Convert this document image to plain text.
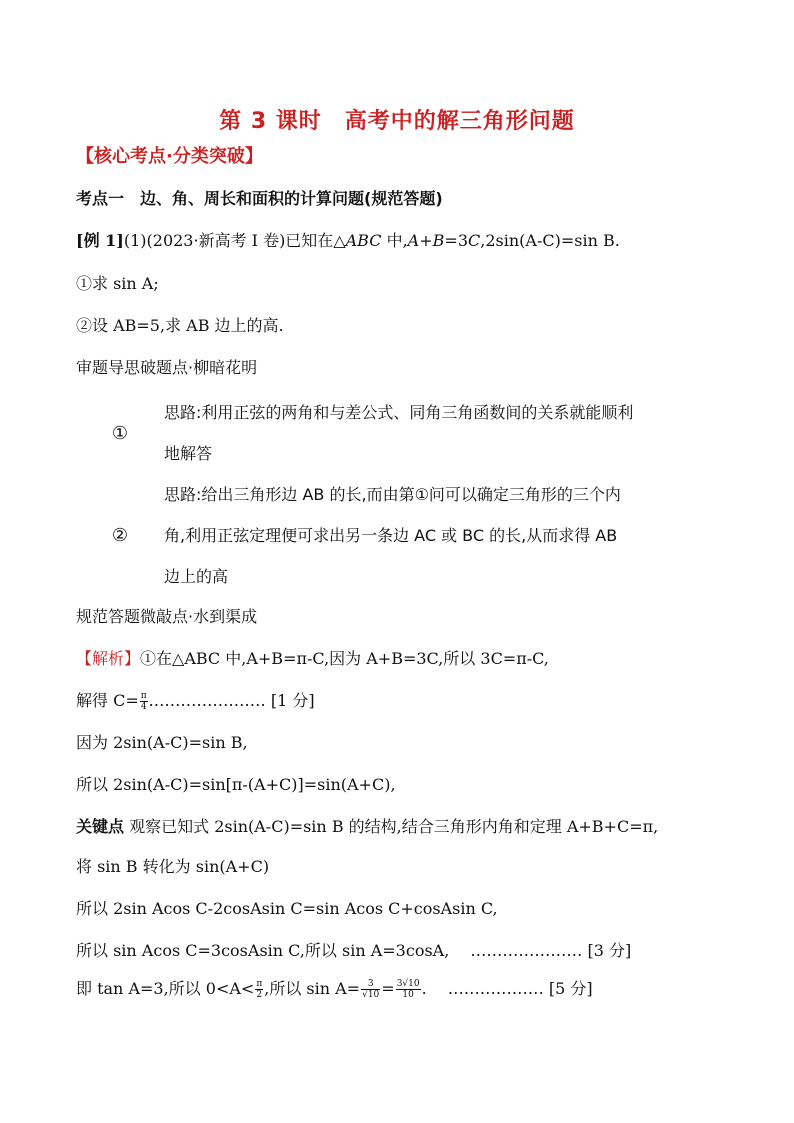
第 3 课时　高考中的解三角形问题
【核心考点·分类突破】
考点一　边、角、周长和面积的计算问题(规范答题)
[例 1](1)(2023·新高考 I 卷)已知在△ABC 中,A+B=3C,2sin(A-C)=sin B.
①求 sin A;
②设 AB=5,求 AB 边上的高.
审题导思破题点·柳暗花明
①	思路:利用正弦的两角和与差公式、同角三角函数间的关系就能顺利
地解答

②	思路:给出三角形边 AB 的长,而由第①问可以确定三角形的三个内
角,利用正弦定理便可求出另一条边 AC 或 BC 的长,从而求得 AB
边上的高
规范答题微敲点·水到渠成
【解析】①在△ABC 中,A+B=π-C,因为 A+B=3C,所以 3C=π-C,
解得 $C= \frac{\pi}{4}$ .………………… [1 分]
因为 2sin(A-C)=sin B,
所以 2sin(A-C)=sin[π-(A+C)]=sin(A+C),
关键点 观察已知式 2sin(A-C)=sin B 的结构,结合三角形内角和定理 A+B+C=π,
将 sin B 转化为 sin(A+C)
所以 2sin Acos C-2cosAsin C=sin Acos C+cosAsin C,
所以 sin Acos C=3cosAsin C,所以 sin A=3cosA,　 ………………… [3 分]
即 tan A=3,所以 $0<A< \frac{\pi}{2}$ ,所以 $\sin A= \frac{3}{√10} = \frac{3√10}{10}$ .　 ……………… [5 分]
